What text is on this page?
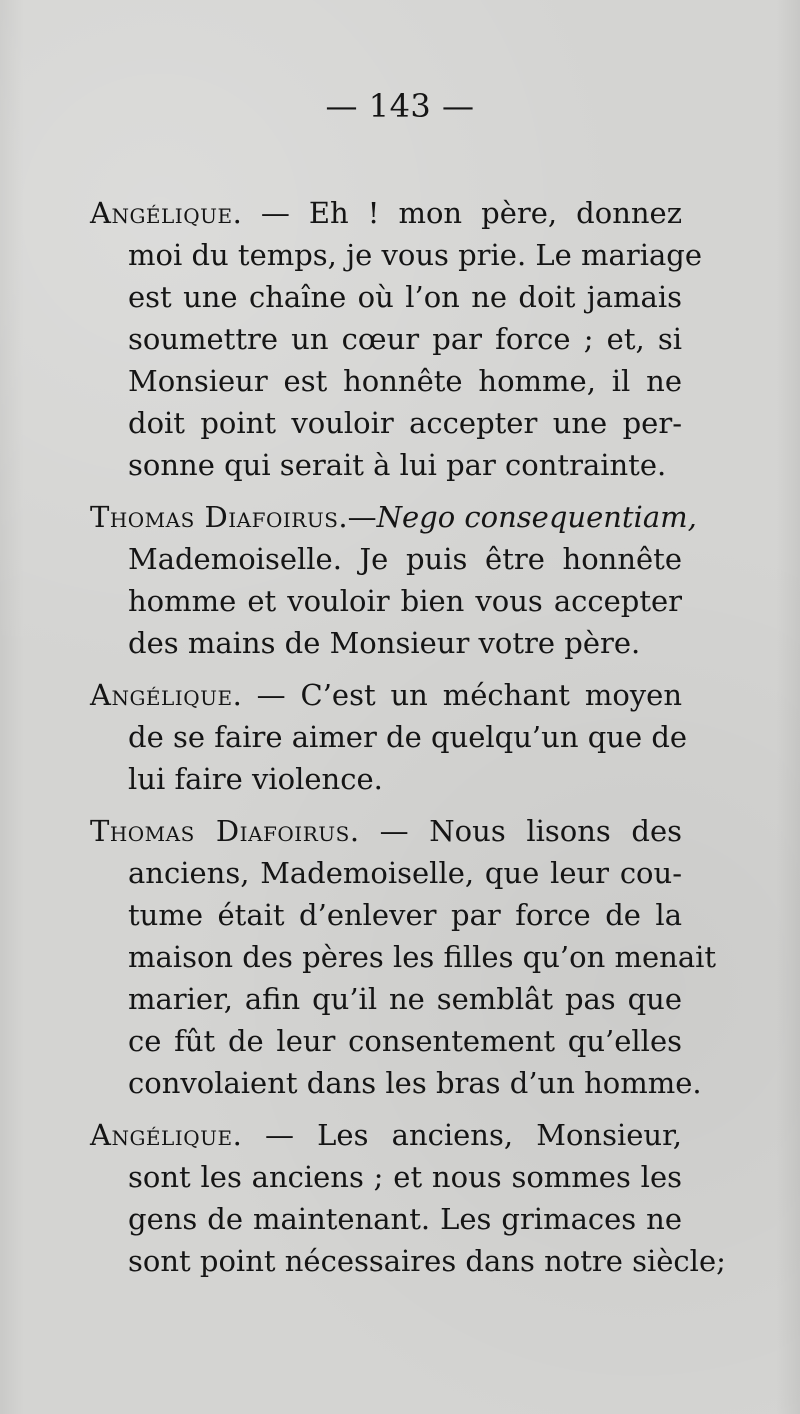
— 143 —

Angélique. — Eh ! mon père, donnez
moi du temps, je vous prie. Le mariage
est une chaîne où l’on ne doit jamais
soumettre un cœur par force ; et, si
Monsieur est honnête homme, il ne
doit point vouloir accepter une per-
sonne qui serait à lui par contrainte.

Thomas Diafoirus.—Nego consequentiam,
Mademoiselle. Je puis être honnête
homme et vouloir bien vous accepter
des mains de Monsieur votre père.

Angélique. — C’est un méchant moyen
de se faire aimer de quelqu’un que de
lui faire violence.

Thomas Diafoirus. — Nous lisons des
anciens, Mademoiselle, que leur cou-
tume était d’enlever par force de la
maison des pères les filles qu’on menait
marier, afin qu’il ne semblât pas que
ce fût de leur consentement qu’elles
convolaient dans les bras d’un homme.

Angélique. — Les anciens, Monsieur,
sont les anciens ; et nous sommes les
gens de maintenant. Les grimaces ne
sont point nécessaires dans notre siècle;
